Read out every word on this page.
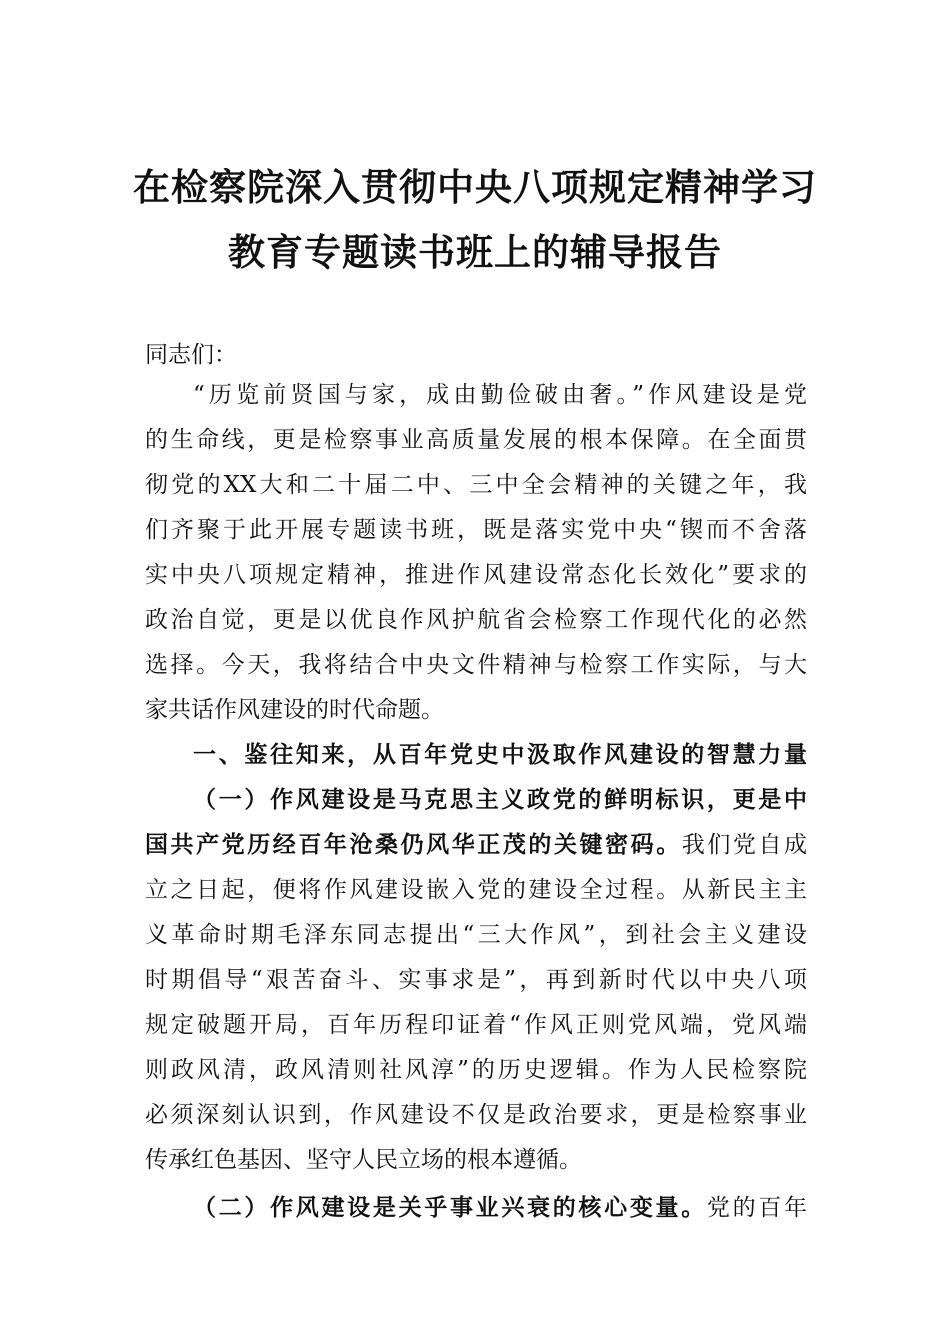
在检察院深入贯彻中央八项规定精神学习
教育专题读书班上的辅导报告
同志们：
“历览前贤国与家，成由勤俭破由奢。”作风建设是党
的生命线，更是检察事业高质量发展的根本保障。在全面贯
彻党的XX大和二十届二中、三中全会精神的关键之年，我
们齐聚于此开展专题读书班，既是落实党中央“锲而不舍落
实中央八项规定精神，推进作风建设常态化长效化”要求的
政治自觉，更是以优良作风护航省会检察工作现代化的必然
选择。今天，我将结合中央文件精神与检察工作实际，与大
家共话作风建设的时代命题。
一、鉴往知来，从百年党史中汲取作风建设的智慧力量
（一）作风建设是马克思主义政党的鲜明标识，更是中
国共产党历经百年沧桑仍风华正茂的关键密码。我们党自成
立之日起，便将作风建设嵌入党的建设全过程。从新民主主
义革命时期毛泽东同志提出“三大作风”，到社会主义建设
时期倡导“艰苦奋斗、实事求是”，再到新时代以中央八项
规定破题开局，百年历程印证着“作风正则党风端，党风端
则政风清，政风清则社风淳”的历史逻辑。作为人民检察院
必须深刻认识到，作风建设不仅是政治要求，更是检察事业
传承红色基因、坚守人民立场的根本遵循。
（二）作风建设是关乎事业兴衰的核心变量。党的百年
